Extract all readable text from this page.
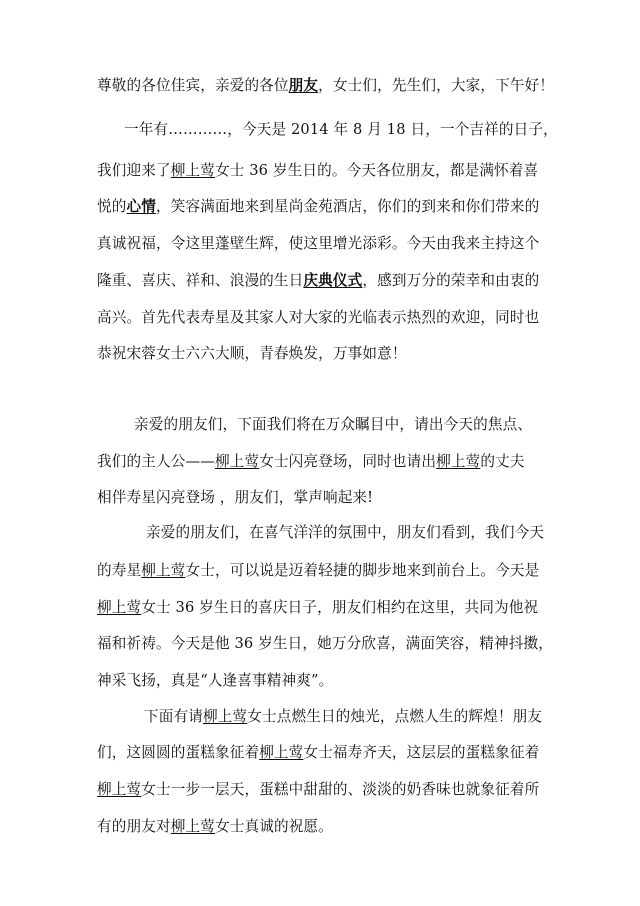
尊敬的各位佳宾，亲爱的各位朋友，女士们，先生们，大家，下午好！
一年有…………，今天是 2014 年 8 月 18 日，一个吉祥的日子，
我们迎来了柳上莺女士 36 岁生日的。今天各位朋友，都是满怀着喜
悦的心情，笑容满面地来到星尚金苑酒店，你们的到来和你们带来的
真诚祝福，令这里蓬壁生辉，使这里增光添彩。今天由我来主持这个
隆重、喜庆、祥和、浪漫的生日庆典仪式，感到万分的荣幸和由衷的
高兴。首先代表寿星及其家人对大家的光临表示热烈的欢迎，同时也
恭祝宋蓉女士六六大顺，青春焕发，万事如意！
亲爱的朋友们，下面我们将在万众瞩目中，请出今天的焦点、
我们的主人公——柳上莺女士闪亮登场，同时也请出柳上莺的丈夫
相伴寿星闪亮登场 ，朋友们，掌声响起来!
亲爱的朋友们，在喜气洋洋的氛围中，朋友们看到，我们今天
的寿星柳上莺女士，可以说是迈着轻捷的脚步地来到前台上。今天是
柳上莺女士 36 岁生日的喜庆日子，朋友们相约在这里，共同为他祝
福和祈祷。今天是他 36 岁生日，她万分欣喜，满面笑容，精神抖擞，
神采飞扬，真是“人逢喜事精神爽”。
下面有请柳上莺女士点燃生日的烛光，点燃人生的辉煌！朋友
们，这圆圆的蛋糕象征着柳上莺女士福寿齐天，这层层的蛋糕象征着
柳上莺女士一步一层天，蛋糕中甜甜的、淡淡的奶香味也就象征着所
有的朋友对柳上莺女士真诚的祝愿。
